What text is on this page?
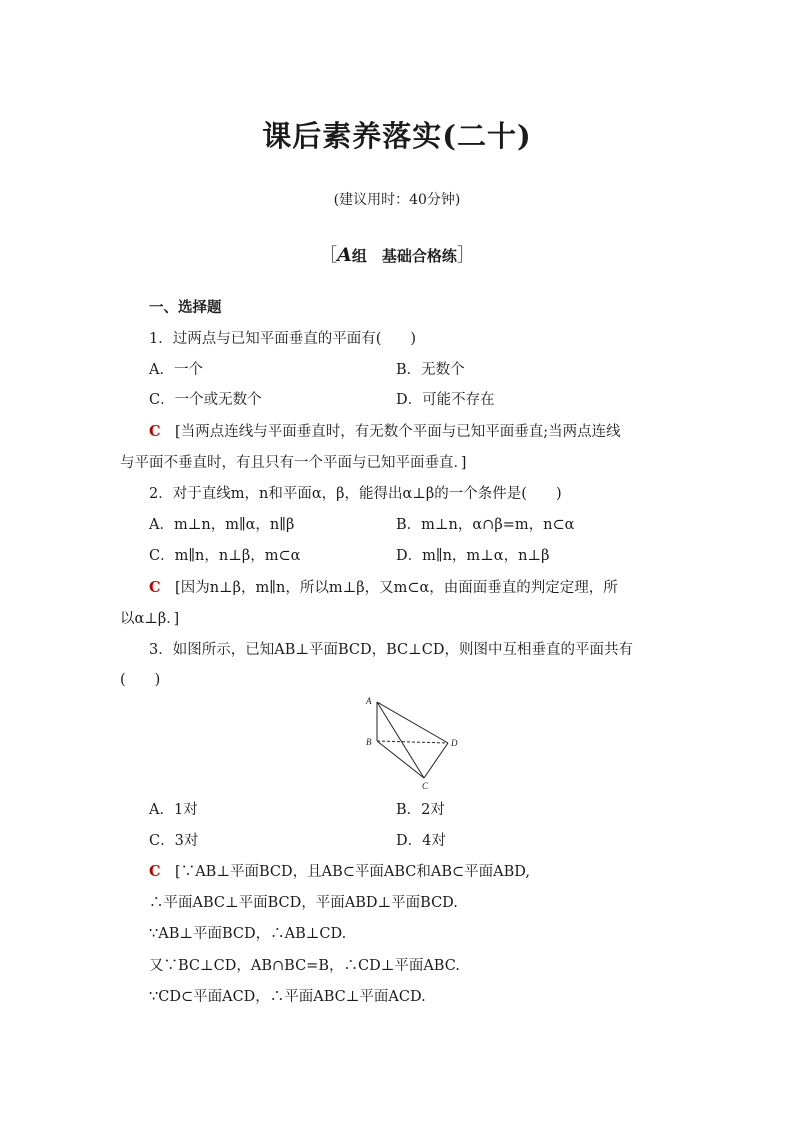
课后素养落实(二十)
(建议用时：40分钟)
［A组　基础合格练］
一、选择题
1．过两点与已知平面垂直的平面有(　　)
A．一个	B．无数个
C．一个或无数个	D．可能不存在
C　 [当两点连线与平面垂直时，有无数个平面与已知平面垂直;当两点连线
与平面不垂直时，有且只有一个平面与已知平面垂直．]
2．对于直线m，n和平面α，β，能得出α⊥β的一个条件是(　　)
A．m⊥n，m∥α，n∥β	B．m⊥n，α∩β=m，n⊂α
C．m∥n，n⊥β，m⊂α	D．m∥n，m⊥α，n⊥β
C　 [因为n⊥β，m∥n，所以m⊥β，又m⊂α，由面面垂直的判定定理，所
以α⊥β．]
3．如图所示，已知AB⊥平面BCD，BC⊥CD，则图中互相垂直的平面共有
(　　)
A
B
C
D
A．1对	B．2对
C．3对	D．4对
C　 [∵AB⊥平面BCD，且AB⊂平面ABC和AB⊂平面ABD,
∴平面ABC⊥平面BCD，平面ABD⊥平面BCD.
∵AB⊥平面BCD，∴AB⊥CD.
又∵BC⊥CD，AB∩BC=B，∴CD⊥平面ABC.
∵CD⊂平面ACD，∴平面ABC⊥平面ACD.
